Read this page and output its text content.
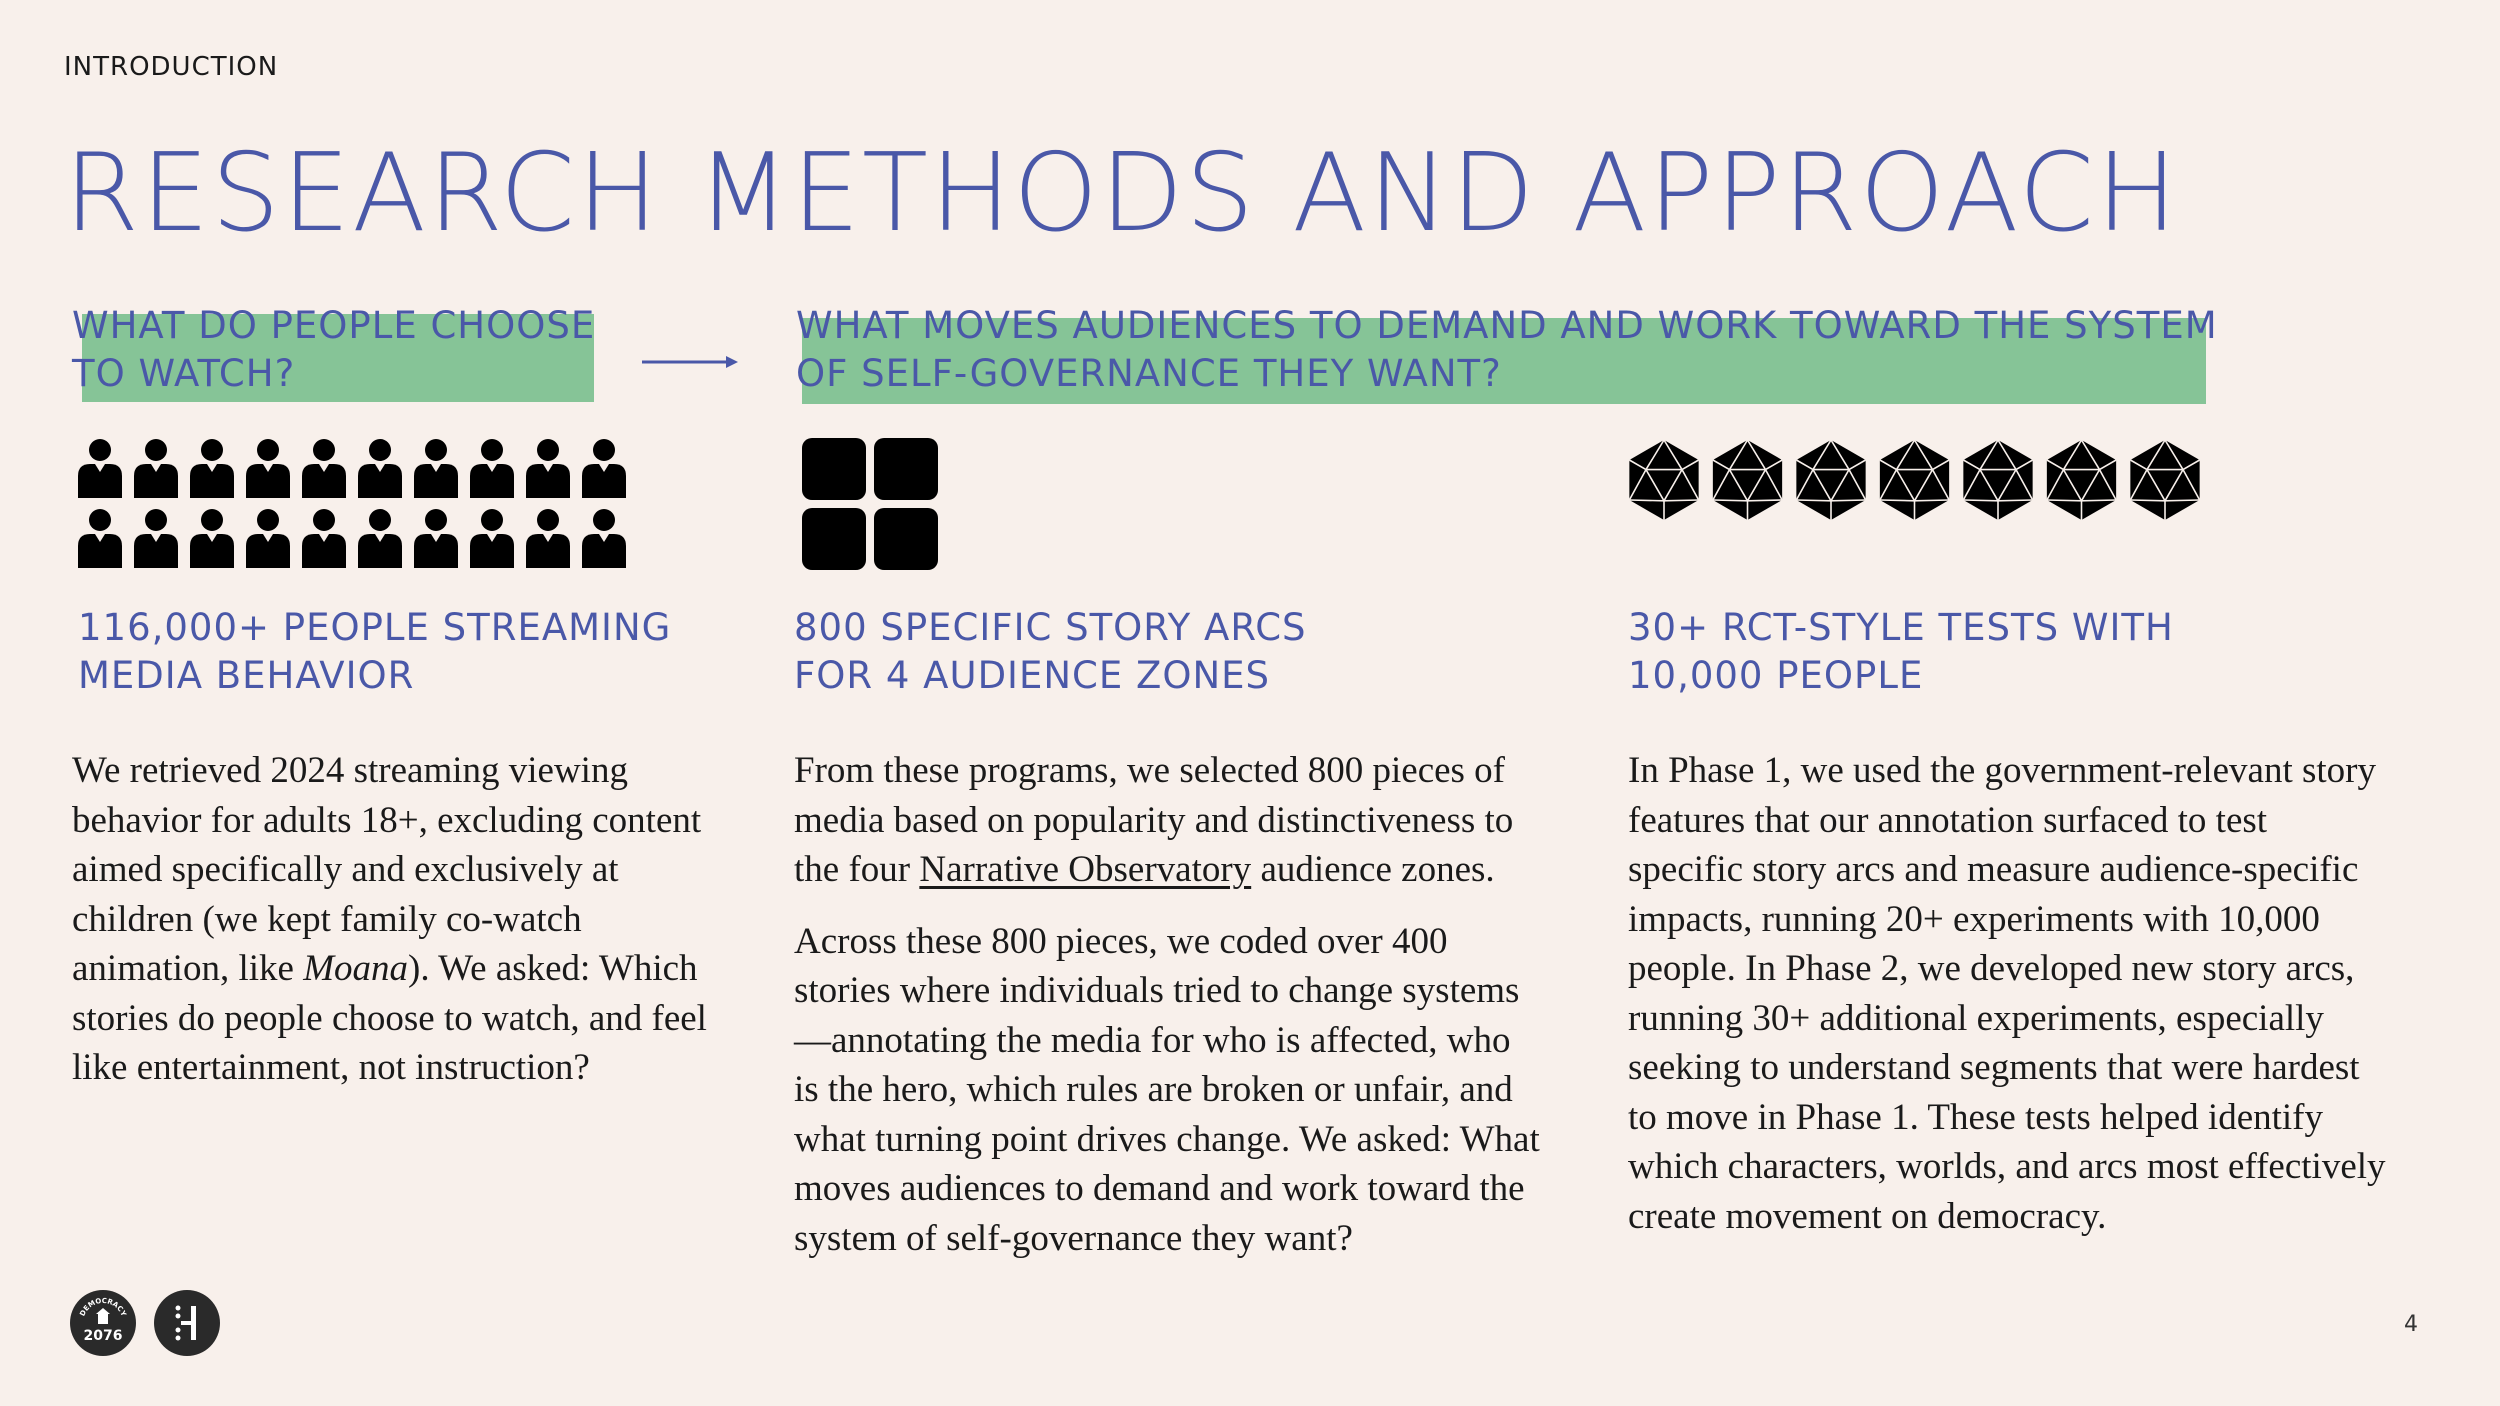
INTRODUCTION
RESEARCH METHODS AND APPROACH
WHAT DO PEOPLE CHOOSE
TO WATCH?
WHAT MOVES AUDIENCES TO DEMAND AND WORK TOWARD THE SYSTEM
OF SELF-GOVERNANCE THEY WANT?
116,000+ PEOPLE STREAMING
MEDIA BEHAVIOR

We retrieved 2024 streaming viewing behavior for adults 18+, excluding content aimed specifically and exclusively at children (we kept family co-watch animation, like Moana). We asked: Which stories do people choose to watch, and feel like entertainment, not instruction?

800 SPECIFIC STORY ARCS
FOR 4 AUDIENCE ZONES

From these programs, we selected 800 pieces of media based on popularity and distinctiveness to the four Narrative Observatory audience zones.

Across these 800 pieces, we coded over 400 stories where individuals tried to change systems—annotating the media for who is affected, who is the hero, which rules are broken or unfair, and what turning point drives change. We asked: What moves audiences to demand and work toward the system of self-governance they want?

30+ RCT-STYLE TESTS WITH
10,000 PEOPLE

In Phase 1, we used the government-relevant story features that our annotation surfaced to test specific story arcs and measure audience-specific impacts, running 20+ experiments with 10,000 people. In Phase 2, we developed new story arcs, running 30+ additional experiments, especially seeking to understand segments that were hardest to move in Phase 1. These tests helped identify which characters, worlds, and arcs most effectively create movement on democracy.

DEMOCRACY
2076	4
